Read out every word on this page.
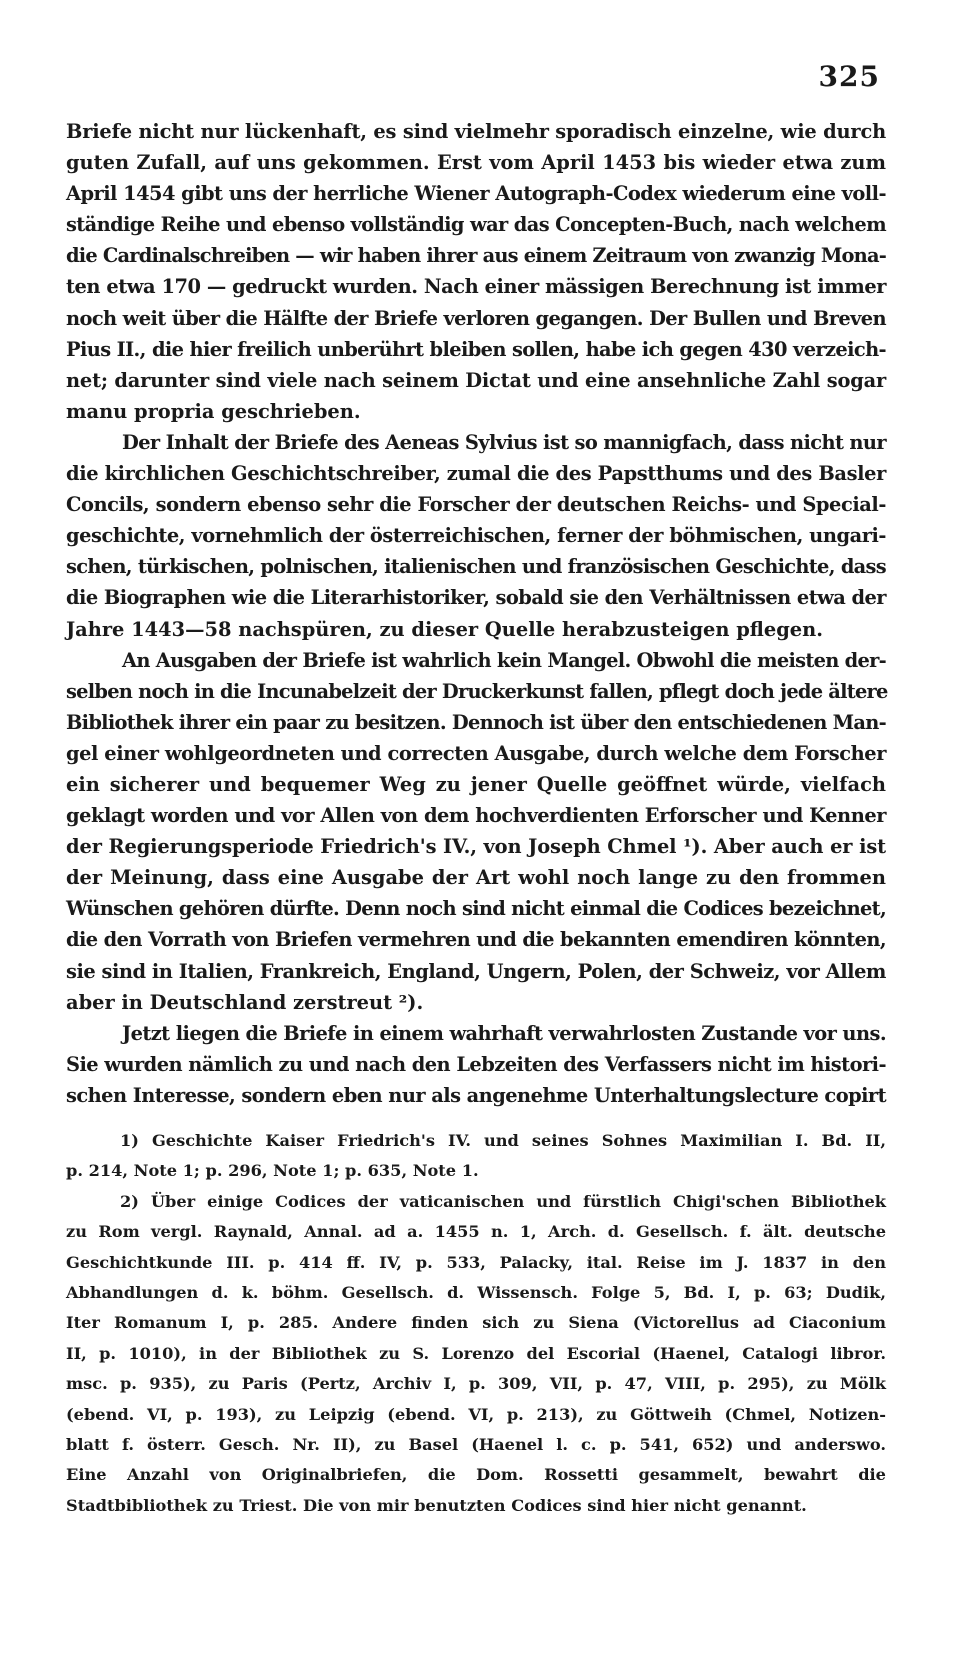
325
Briefe nicht nur lückenhaft, es sind vielmehr sporadisch einzelne, wie durch
guten Zufall, auf uns gekommen. Erst vom April 1453 bis wieder etwa zum
April 1454 gibt uns der herrliche Wiener Autograph-Codex wiederum eine voll-
ständige Reihe und ebenso vollständig war das Concepten-Buch, nach welchem
die Cardinalschreiben — wir haben ihrer aus einem Zeitraum von zwanzig Mona-
ten etwa 170 — gedruckt wurden. Nach einer mässigen Berechnung ist immer
noch weit über die Hälfte der Briefe verloren gegangen. Der Bullen und Breven
Pius II., die hier freilich unberührt bleiben sollen, habe ich gegen 430 verzeich-
net; darunter sind viele nach seinem Dictat und eine ansehnliche Zahl sogar
manu propria geschrieben.
Der Inhalt der Briefe des Aeneas Sylvius ist so mannigfach, dass nicht nur
die kirchlichen Geschichtschreiber, zumal die des Papstthums und des Basler
Concils, sondern ebenso sehr die Forscher der deutschen Reichs- und Special-
geschichte, vornehmlich der österreichischen, ferner der böhmischen, ungari-
schen, türkischen, polnischen, italienischen und französischen Geschichte, dass
die Biographen wie die Literarhistoriker, sobald sie den Verhältnissen etwa der
Jahre 1443—58 nachspüren, zu dieser Quelle herabzusteigen pflegen.
An Ausgaben der Briefe ist wahrlich kein Mangel. Obwohl die meisten der-
selben noch in die Incunabelzeit der Druckerkunst fallen, pflegt doch jede ältere
Bibliothek ihrer ein paar zu besitzen. Dennoch ist über den entschiedenen Man-
gel einer wohlgeordneten und correcten Ausgabe, durch welche dem Forscher
ein sicherer und bequemer Weg zu jener Quelle geöffnet würde, vielfach
geklagt worden und vor Allen von dem hochverdienten Erforscher und Kenner
der Regierungsperiode Friedrich's IV., von Joseph Chmel ¹). Aber auch er ist
der Meinung, dass eine Ausgabe der Art wohl noch lange zu den frommen
Wünschen gehören dürfte. Denn noch sind nicht einmal die Codices bezeichnet,
die den Vorrath von Briefen vermehren und die bekannten emendiren könnten,
sie sind in Italien, Frankreich, England, Ungern, Polen, der Schweiz, vor Allem
aber in Deutschland zerstreut ²).
Jetzt liegen die Briefe in einem wahrhaft verwahrlosten Zustande vor uns.
Sie wurden nämlich zu und nach den Lebzeiten des Verfassers nicht im histori-
schen Interesse, sondern eben nur als angenehme Unterhaltungslecture copirt
1) Geschichte Kaiser Friedrich's IV. und seines Sohnes Maximilian I. Bd. II,
p. 214, Note 1; p. 296, Note 1; p. 635, Note 1.
2) Über einige Codices der vaticanischen und fürstlich Chigi'schen Bibliothek
zu Rom vergl. Raynald, Annal. ad a. 1455 n. 1, Arch. d. Gesellsch. f. ält. deutsche
Geschichtkunde III. p. 414 ff. IV, p. 533, Palacky, ital. Reise im J. 1837 in den
Abhandlungen d. k. böhm. Gesellsch. d. Wissensch. Folge 5, Bd. I, p. 63; Dudik,
Iter Romanum I, p. 285. Andere finden sich zu Siena (Victorellus ad Ciaconium
II, p. 1010), in der Bibliothek zu S. Lorenzo del Escorial (Haenel, Catalogi libror.
msc. p. 935), zu Paris (Pertz, Archiv I, p. 309, VII, p. 47, VIII, p. 295), zu Mölk
(ebend. VI, p. 193), zu Leipzig (ebend. VI, p. 213), zu Göttweih (Chmel, Notizen-
blatt f. österr. Gesch. Nr. II), zu Basel (Haenel l. c. p. 541, 652) und anderswo.
Eine Anzahl von Originalbriefen, die Dom. Rossetti gesammelt, bewahrt die
Stadtbibliothek zu Triest. Die von mir benutzten Codices sind hier nicht genannt.
